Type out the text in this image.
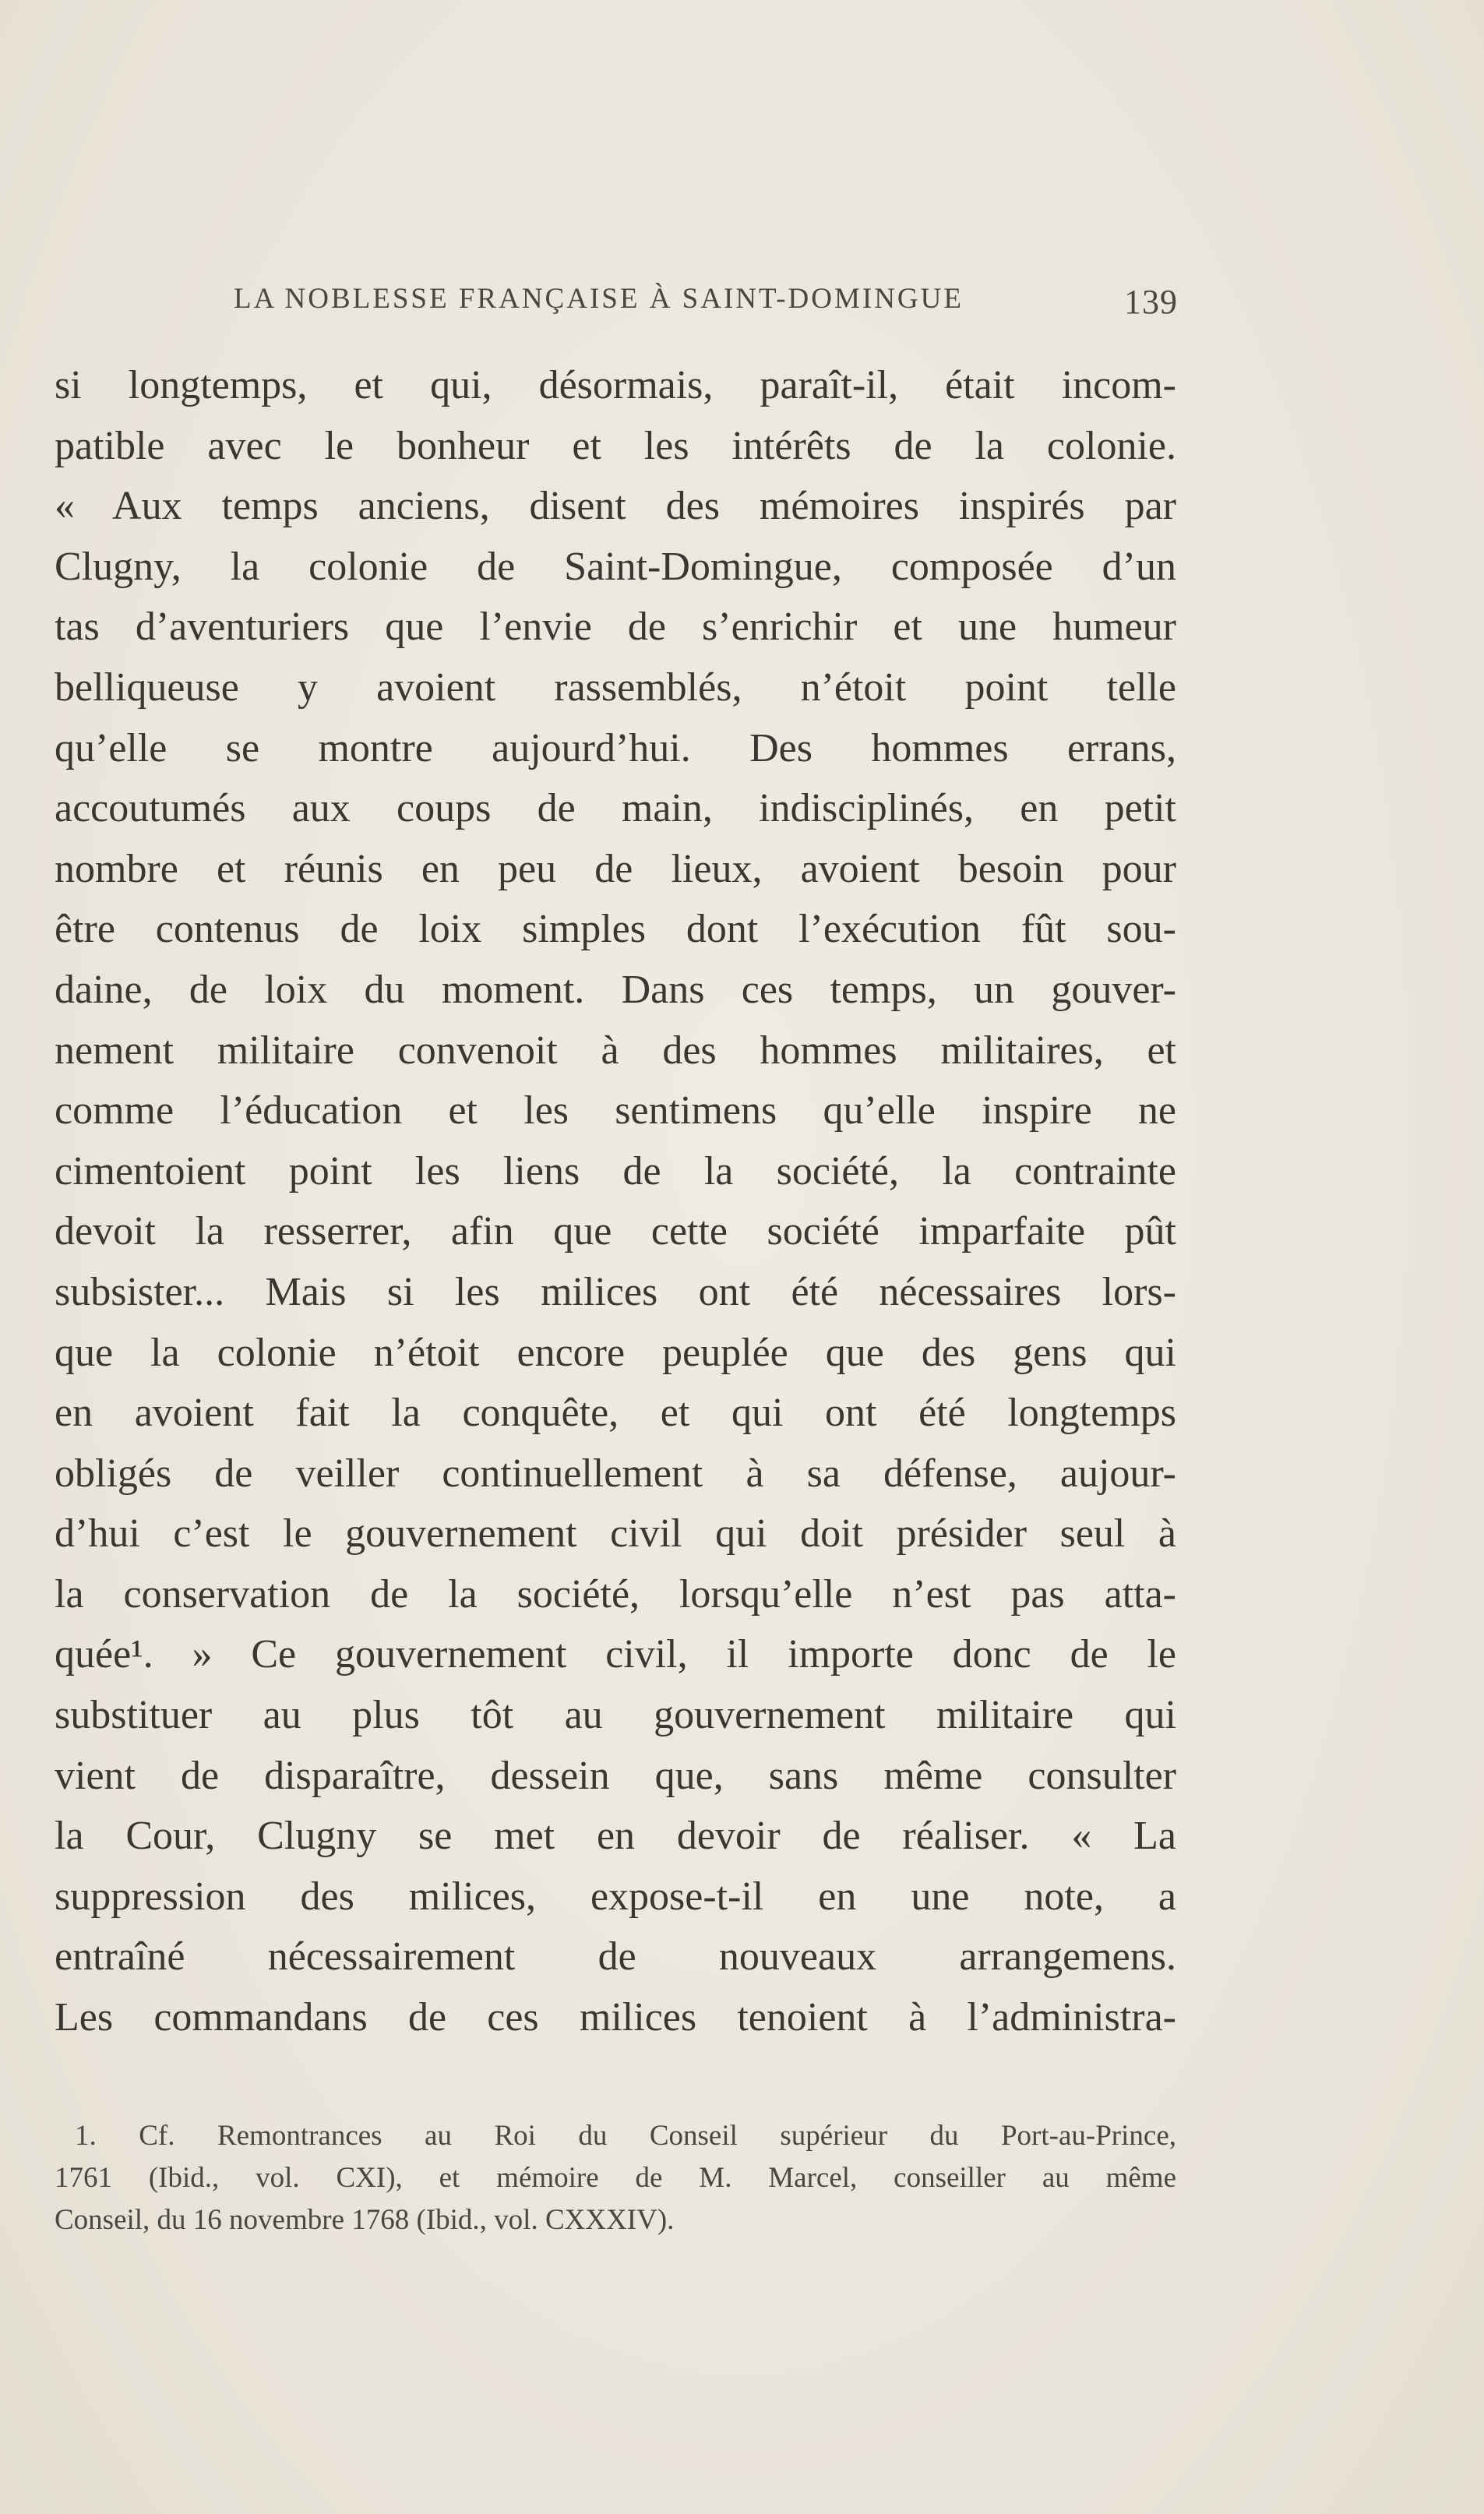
LA NOBLESSE FRANÇAISE À SAINT-DOMINGUE	139
si longtemps, et qui, désormais, paraît-il, était incom-
patible avec le bonheur et les intérêts de la colonie.
« Aux temps anciens, disent des mémoires inspirés par
Clugny, la colonie de Saint-Domingue, composée d’un
tas d’aventuriers que l’envie de s’enrichir et une humeur
belliqueuse y avoient rassemblés, n’étoit point telle
qu’elle se montre aujourd’hui. Des hommes errans,
accoutumés aux coups de main, indisciplinés, en petit
nombre et réunis en peu de lieux, avoient besoin pour
être contenus de loix simples dont l’exécution fût sou-
daine, de loix du moment. Dans ces temps, un gouver-
nement militaire convenoit à des hommes militaires, et
comme l’éducation et les sentimens qu’elle inspire ne
cimentoient point les liens de la société, la contrainte
devoit la resserrer, afin que cette société imparfaite pût
subsister... Mais si les milices ont été nécessaires lors-
que la colonie n’étoit encore peuplée que des gens qui
en avoient fait la conquête, et qui ont été longtemps
obligés de veiller continuellement à sa défense, aujour-
d’hui c’est le gouvernement civil qui doit présider seul à
la conservation de la société, lorsqu’elle n’est pas atta-
quée¹. » Ce gouvernement civil, il importe donc de le
substituer au plus tôt au gouvernement militaire qui
vient de disparaître, dessein que, sans même consulter
la Cour, Clugny se met en devoir de réaliser. « La
suppression des milices, expose-t-il en une note, a
entraîné nécessairement de nouveaux arrangemens.
Les commandans de ces milices tenoient à l’administra-
1. Cf. Remontrances au Roi du Conseil supérieur du Port-au-Prince,
1761 (Ibid., vol. CXI), et mémoire de M. Marcel, conseiller au même
Conseil, du 16 novembre 1768 (Ibid., vol. CXXXIV).
